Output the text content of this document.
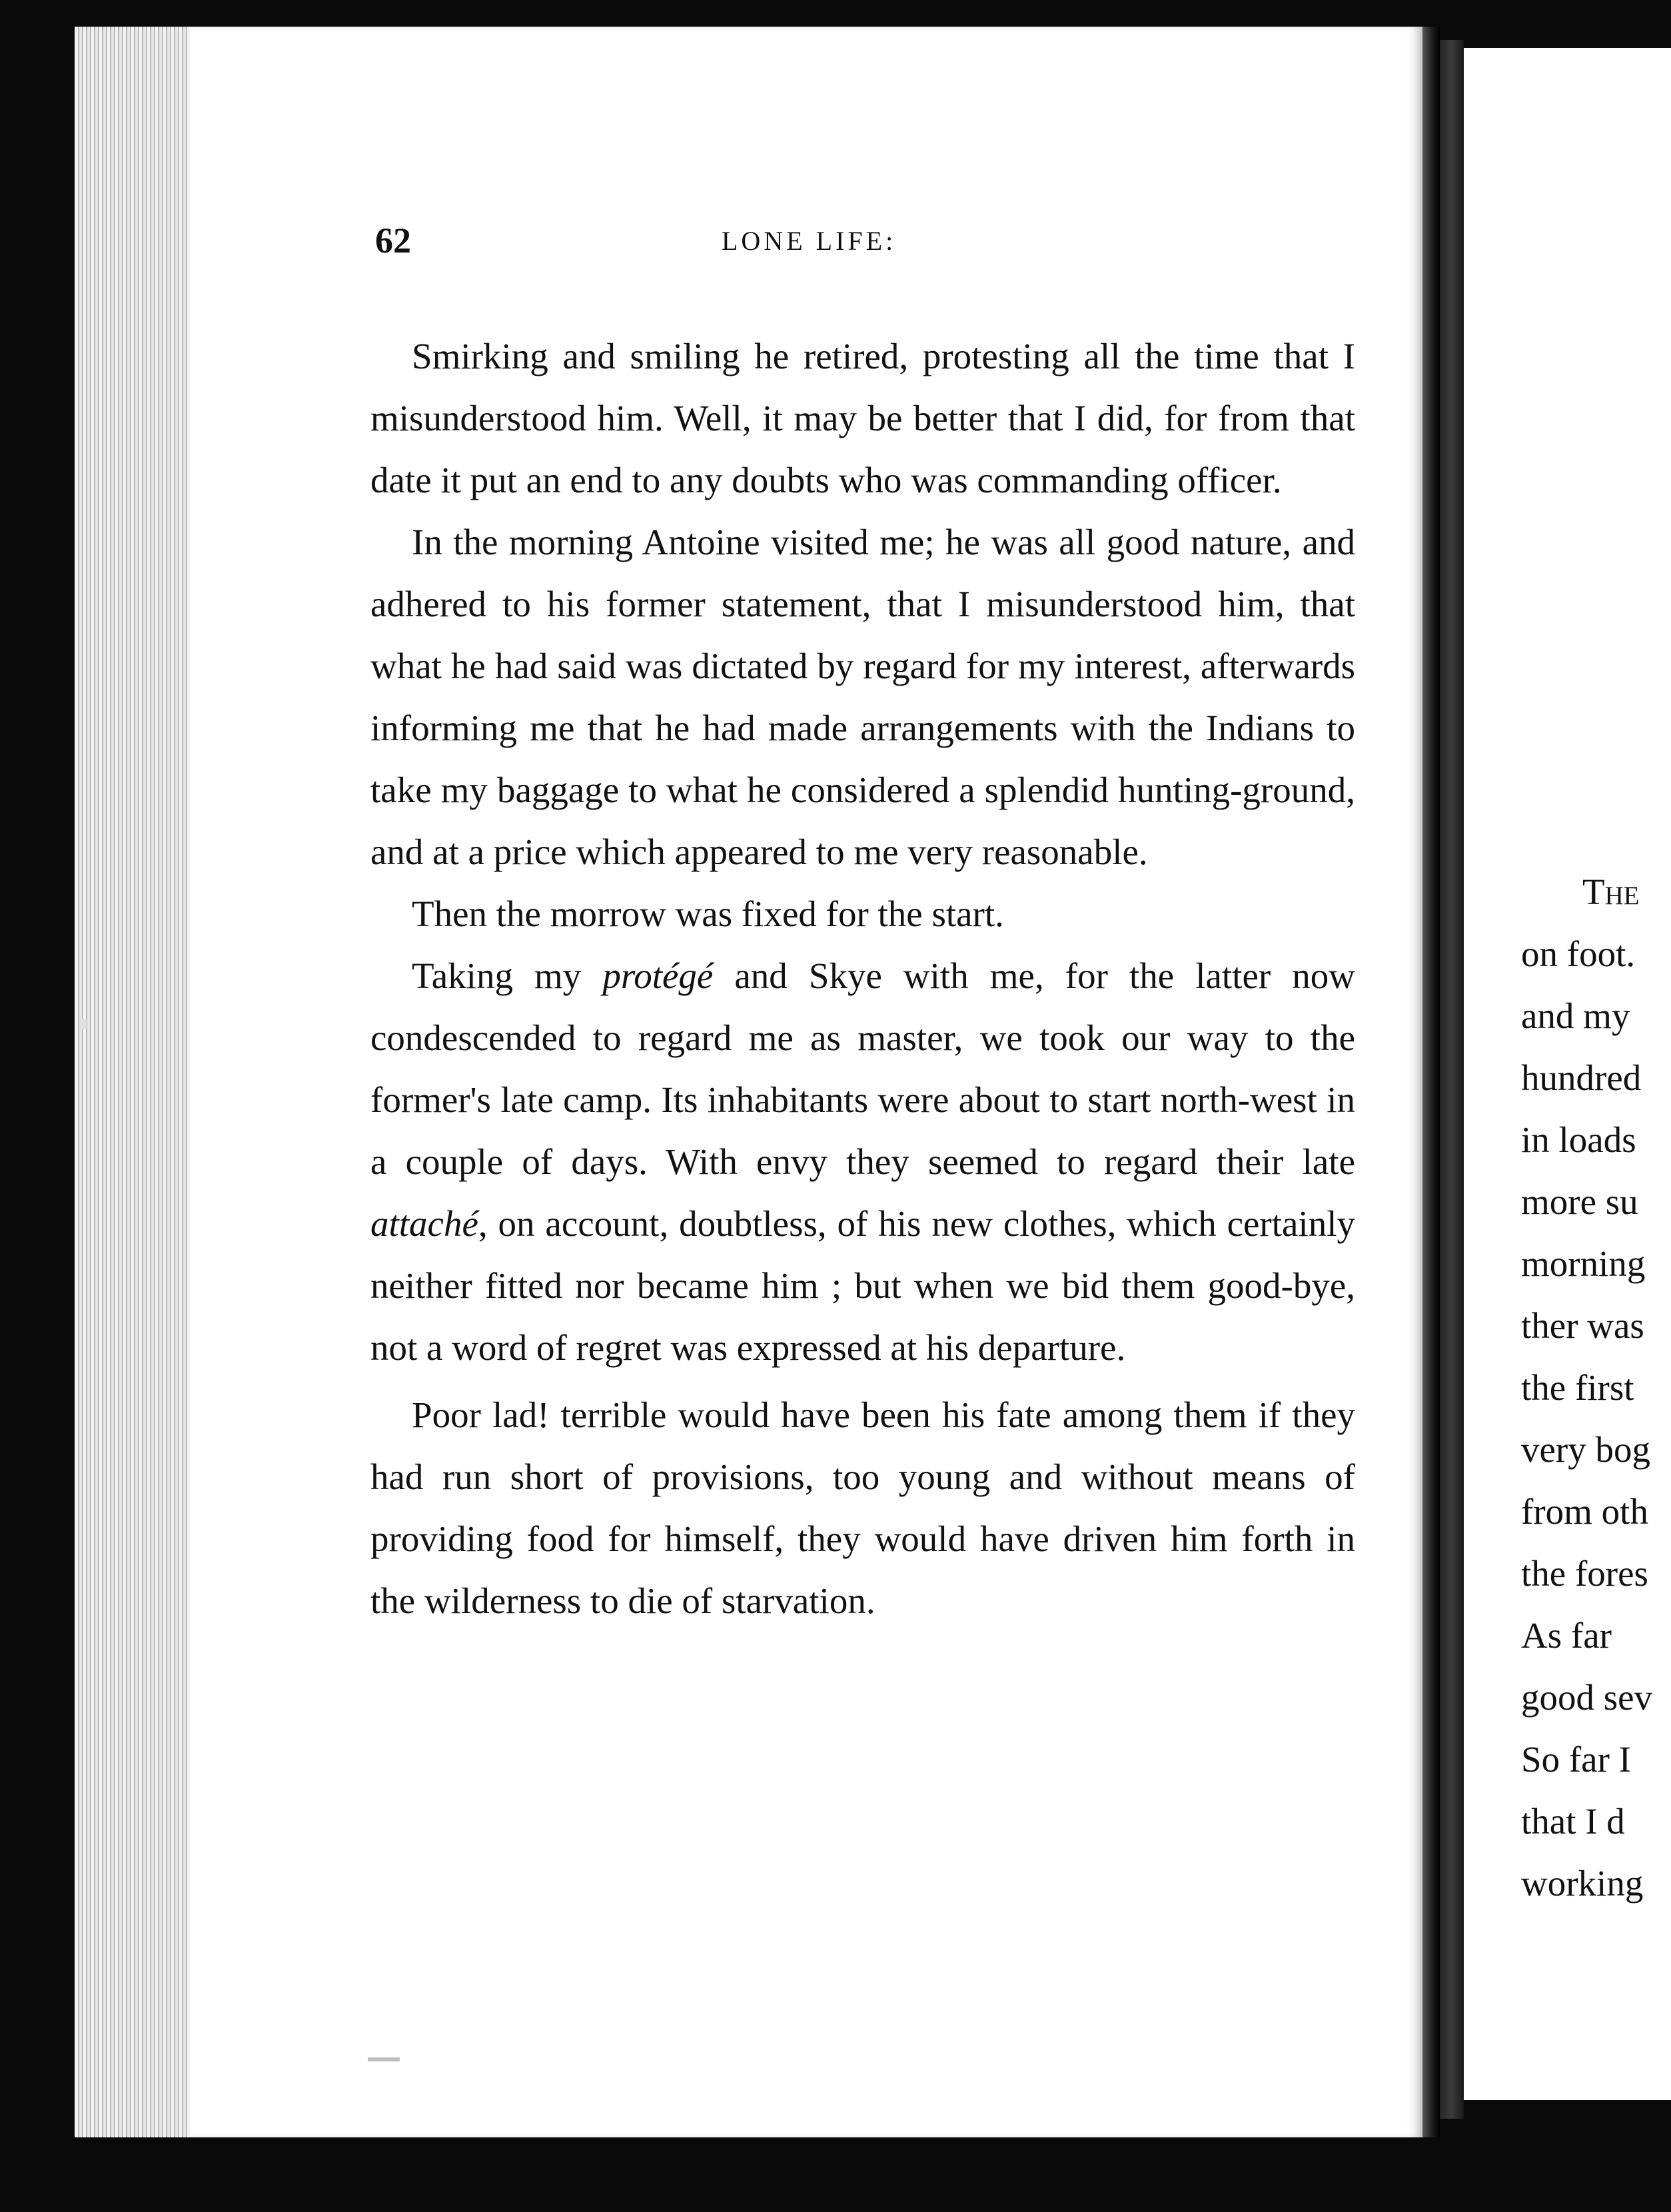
62	LONE LIFE:

Smirking and smiling he retired, protesting all the time that I misunderstood him. Well, it may be better that I did, for from that date it put an end to any doubts who was commanding officer.

In the morning Antoine visited me; he was all good nature, and adhered to his former statement, that I misunderstood him, that what he had said was dictated by regard for my interest, afterwards informing me that he had made arrangements with the Indians to take my baggage to what he considered a splendid hunting-ground, and at a price which appeared to me very reasonable.

Then the morrow was fixed for the start.

Taking my protégé and Skye with me, for the latter now condescended to regard me as master, we took our way to the former's late camp. Its inhabitants were about to start north-west in a couple of days. With envy they seemed to regard their late attaché, on account, doubtless, of his new clothes, which certainly neither fitted nor became him ; but when we bid them good-bye, not a word of regret was expressed at his departure.

Poor lad! terrible would have been his fate among them if they had run short of provisions, too young and without means of providing food for himself, they would have driven him forth in the wilderness to die of starvation.

The
on foot.
and my
hundred
in loads
more su
morning
ther was
the first
very bog
from oth
the fores
As far
good sev
So far I
that I d
working
